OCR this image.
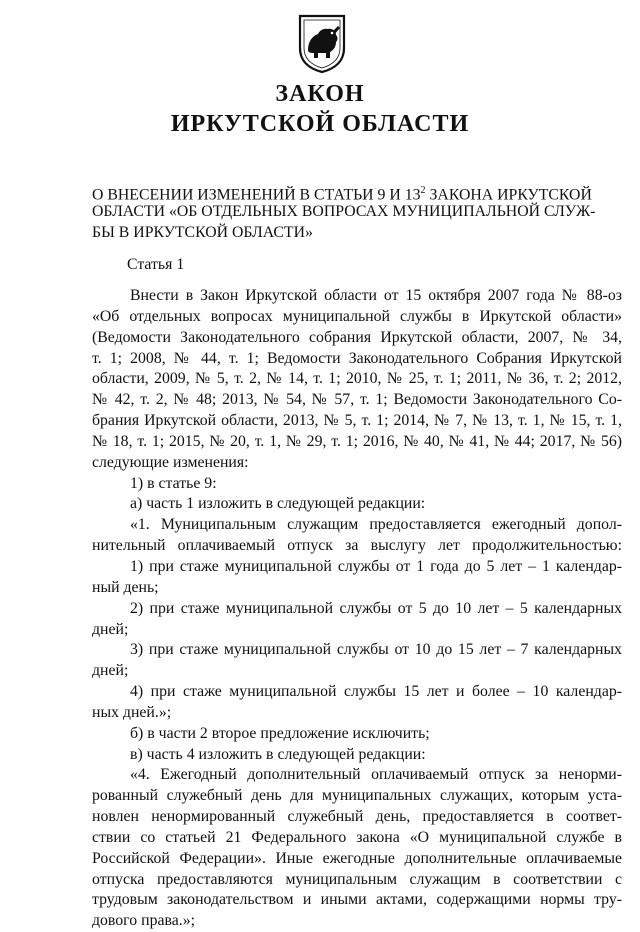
ЗАКОН
ИРКУТСКОЙ ОБЛАСТИ
О ВНЕСЕНИИ ИЗМЕНЕНИЙ В СТАТЬИ 9 И $13^2$ ЗАКОНА ИРКУТСКОЙ
ОБЛАСТИ «ОБ ОТДЕЛЬНЫХ ВОПРОСАХ МУНИЦИПАЛЬНОЙ СЛУЖ-
БЫ В ИРКУТСКОЙ ОБЛАСТИ»
Статья 1
Внести в Закон Иркутской области от 15 октября 2007 года № 88-оз
«Об отдельных вопросах муниципальной службы в Иркутской области»
(Ведомости Законодательного собрания Иркутской области, 2007, № 34,
т. 1; 2008, № 44, т. 1; Ведомости Законодательного Собрания Иркутской
области, 2009, № 5, т. 2, № 14, т. 1; 2010, № 25, т. 1; 2011, № 36, т. 2; 2012,
№ 42, т. 2, № 48; 2013, № 54, № 57, т. 1; Ведомости Законодательного Со-
брания Иркутской области, 2013, № 5, т. 1; 2014, № 7, № 13, т. 1, № 15, т. 1,
№ 18, т. 1; 2015, № 20, т. 1, № 29, т. 1; 2016, № 40, № 41, № 44; 2017, № 56)
следующие изменения:
1) в статье 9:
а) часть 1 изложить в следующей редакции:
«1. Муниципальным служащим предоставляется ежегодный допол-
нительный оплачиваемый отпуск за выслугу лет продолжительностью:
1) при стаже муниципальной службы от 1 года до 5 лет – 1 календар-
ный день;
2) при стаже муниципальной службы от 5 до 10 лет – 5 календарных
дней;
3) при стаже муниципальной службы от 10 до 15 лет – 7 календарных
дней;
4) при стаже муниципальной службы 15 лет и более – 10 календар-
ных дней.»;
б) в части 2 второе предложение исключить;
в) часть 4 изложить в следующей редакции:
«4. Ежегодный дополнительный оплачиваемый отпуск за ненорми-
рованный служебный день для муниципальных служащих, которым уста-
новлен ненормированный служебный день, предоставляется в соответ-
ствии со статьей 21 Федерального закона «О муниципальной службе в
Российской Федерации». Иные ежегодные дополнительные оплачиваемые
отпуска предоставляются муниципальным служащим в соответствии с
трудовым законодательством и иными актами, содержащими нормы тру-
дового права.»;
